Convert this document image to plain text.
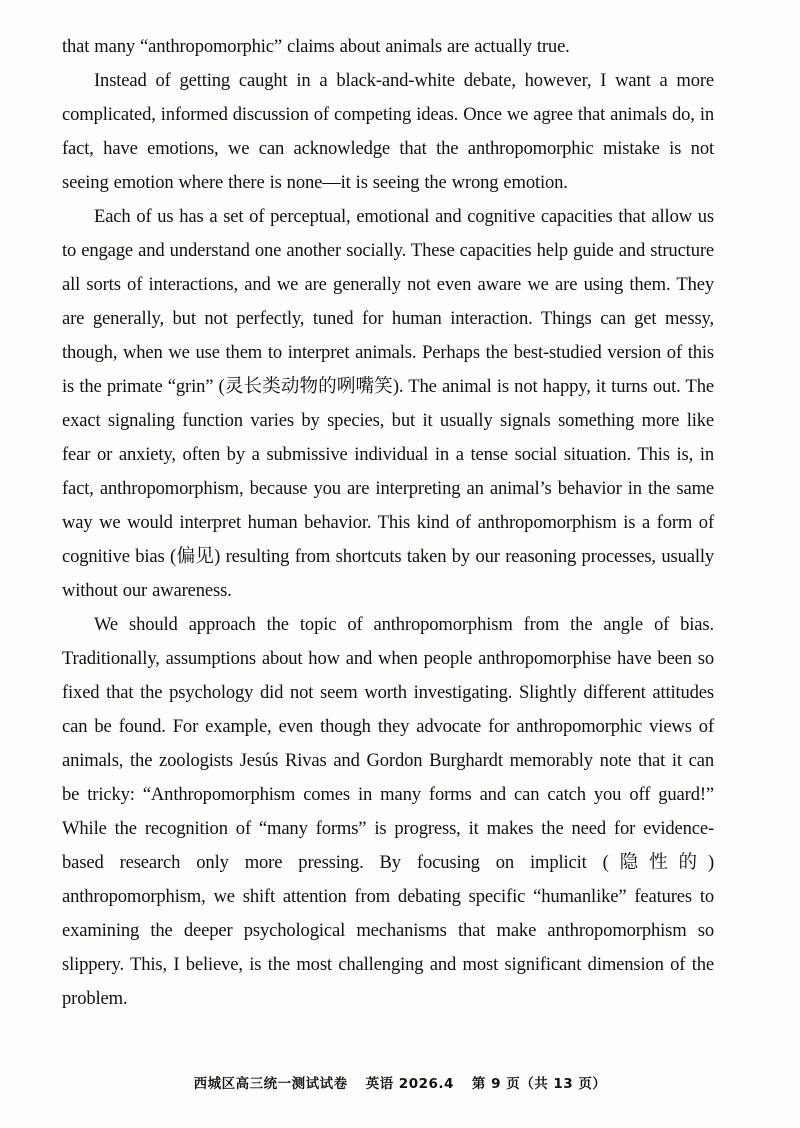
that many “anthropomorphic” claims about animals are actually true.

Instead of getting caught in a black-and-white debate, however, I want a more complicated, informed discussion of competing ideas. Once we agree that animals do, in fact, have emotions, we can acknowledge that the anthropomorphic mistake is not seeing emotion where there is none—it is seeing the wrong emotion.

Each of us has a set of perceptual, emotional and cognitive capacities that allow us to engage and understand one another socially. These capacities help guide and structure all sorts of interactions, and we are generally not even aware we are using them. They are generally, but not perfectly, tuned for human interaction. Things can get messy, though, when we use them to interpret animals. Perhaps the best-studied version of this is the primate “grin” (灵长类动物的咧嘴笑). The animal is not happy, it turns out. The exact signaling function varies by species, but it usually signals something more like fear or anxiety, often by a submissive individual in a tense social situation. This is, in fact, anthropomorphism, because you are interpreting an animal’s behavior in the same way we would interpret human behavior. This kind of anthropomorphism is a form of cognitive bias (偏见) resulting from shortcuts taken by our reasoning processes, usually without our awareness.

We should approach the topic of anthropomorphism from the angle of bias. Traditionally, assumptions about how and when people anthropomorphise have been so fixed that the psychology did not seem worth investigating. Slightly different attitudes can be found. For example, even though they advocate for anthropomorphic views of animals, the zoologists Jesús Rivas and Gordon Burghardt memorably note that it can be tricky: “Anthropomorphism comes in many forms and can catch you off guard!” While the recognition of “many forms” is progress, it makes the need for evidence-based research only more pressing. By focusing on implicit (隐性的) anthropomorphism, we shift attention from debating specific “humanlike” features to examining the deeper psychological mechanisms that make anthropomorphism so slippery. This, I believe, is the most challenging and most significant dimension of the problem.

西城区高三统一测试试卷 英语 2026.4 第 9 页（共 13 页）
